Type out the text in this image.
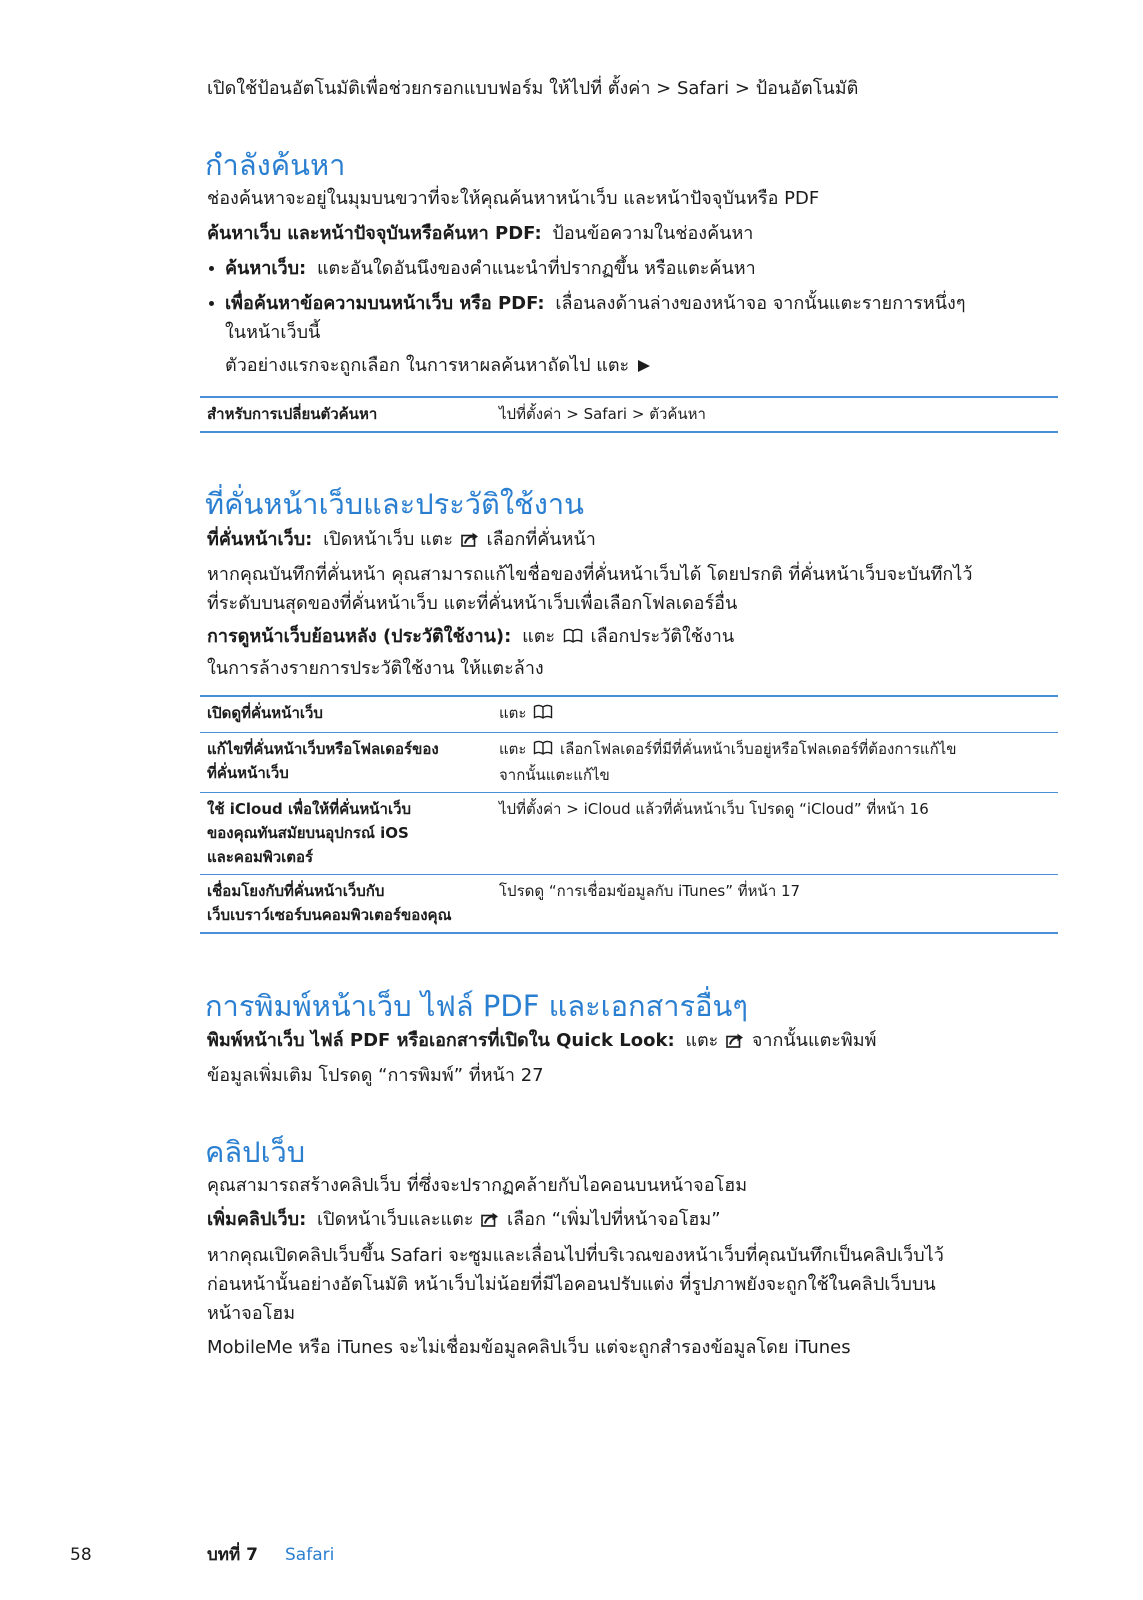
เปิดใช้ป้อนอัตโนมัติเพื่อช่วยกรอกแบบฟอร์ม ให้ไปที่ ตั้งค่า > Safari > ป้อนอัตโนมัติ

กำลังค้นหา

ช่องค้นหาจะอยู่ในมุมบนขวาที่จะให้คุณค้นหาหน้าเว็บ และหน้าปัจจุบันหรือ PDF

ค้นหาเว็บ และหน้าปัจจุบันหรือค้นหา PDF: ป้อนข้อความในช่องค้นหา

ค้นหาเว็บ: แตะอันใดอันนึงของคำแนะนำที่ปรากฏขึ้น หรือแตะค้นหา
เพื่อค้นหาข้อความบนหน้าเว็บ หรือ PDF: เลื่อนลงด้านล่างของหน้าจอ จากนั้นแตะรายการหนึ่งๆ
ในหน้าเว็บนี้

ตัวอย่างแรกจะถูกเลือก ในการหาผลค้นหาถัดไป แตะ

สำหรับการเปลี่ยนตัวค้นหา	ไปที่ตั้งค่า > Safari > ตัวค้นหา
ที่คั่นหน้าเว็บและประวัติใช้งาน

ที่คั่นหน้าเว็บ: เปิดหน้าเว็บ แตะ เลือกที่คั่นหน้า

หากคุณบันทึกที่คั่นหน้า คุณสามารถแก้ไขชื่อของที่คั่นหน้าเว็บได้ โดยปรกติ ที่คั่นหน้าเว็บจะบันทึกไว้
ที่ระดับบนสุดของที่คั่นหน้าเว็บ แตะที่คั่นหน้าเว็บเพื่อเลือกโฟลเดอร์อื่น

การดูหน้าเว็บย้อนหลัง (ประวัติใช้งาน): แตะ เลือกประวัติใช้งาน

ในการล้างรายการประวัติใช้งาน ให้แตะล้าง

เปิดดูที่คั่นหน้าเว็บ	แตะ

แก้ไขที่คั่นหน้าเว็บหรือโฟลเดอร์ของ
ที่คั่นหน้าเว็บ	แตะ เลือกโฟลเดอร์ที่มีที่คั่นหน้าเว็บอยู่หรือโฟลเดอร์ที่ต้องการแก้ไข
จากนั้นแตะแก้ไข

ใช้ iCloud เพื่อให้ที่คั่นหน้าเว็บ
ของคุณทันสมัยบนอุปกรณ์ iOS
และคอมพิวเตอร์	ไปที่ตั้งค่า > iCloud แล้วที่คั่นหน้าเว็บ โปรดดู “iCloud” ที่หน้า 16

เชื่อมโยงกับที่คั่นหน้าเว็บกับ
เว็บเบราว์เซอร์บนคอมพิวเตอร์ของคุณ	โปรดดู “การเชื่อมข้อมูลกับ iTunes” ที่หน้า 17
การพิมพ์หน้าเว็บ ไฟล์ PDF และเอกสารอื่นๆ

พิมพ์หน้าเว็บ ไฟล์ PDF หรือเอกสารที่เปิดใน Quick Look: แตะ จากนั้นแตะพิมพ์

ข้อมูลเพิ่มเติม โปรดดู “การพิมพ์” ที่หน้า 27

คลิปเว็บ

คุณสามารถสร้างคลิปเว็บ ที่ซึ่งจะปรากฏคล้ายกับไอคอนบนหน้าจอโฮม

เพิ่มคลิปเว็บ: เปิดหน้าเว็บและแตะ เลือก “เพิ่มไปที่หน้าจอโฮม”

หากคุณเปิดคลิปเว็บขึ้น Safari จะซูมและเลื่อนไปที่บริเวณของหน้าเว็บที่คุณบันทึกเป็นคลิปเว็บไว้
ก่อนหน้านั้นอย่างอัตโนมัติ หน้าเว็บไม่น้อยที่มีไอคอนปรับแต่ง ที่รูปภาพยังจะถูกใช้ในคลิปเว็บบน
หน้าจอโฮม

MobileMe หรือ iTunes จะไม่เชื่อมข้อมูลคลิปเว็บ แต่จะถูกสำรองข้อมูลโดย iTunes

58	บทที่ 7 Safari
